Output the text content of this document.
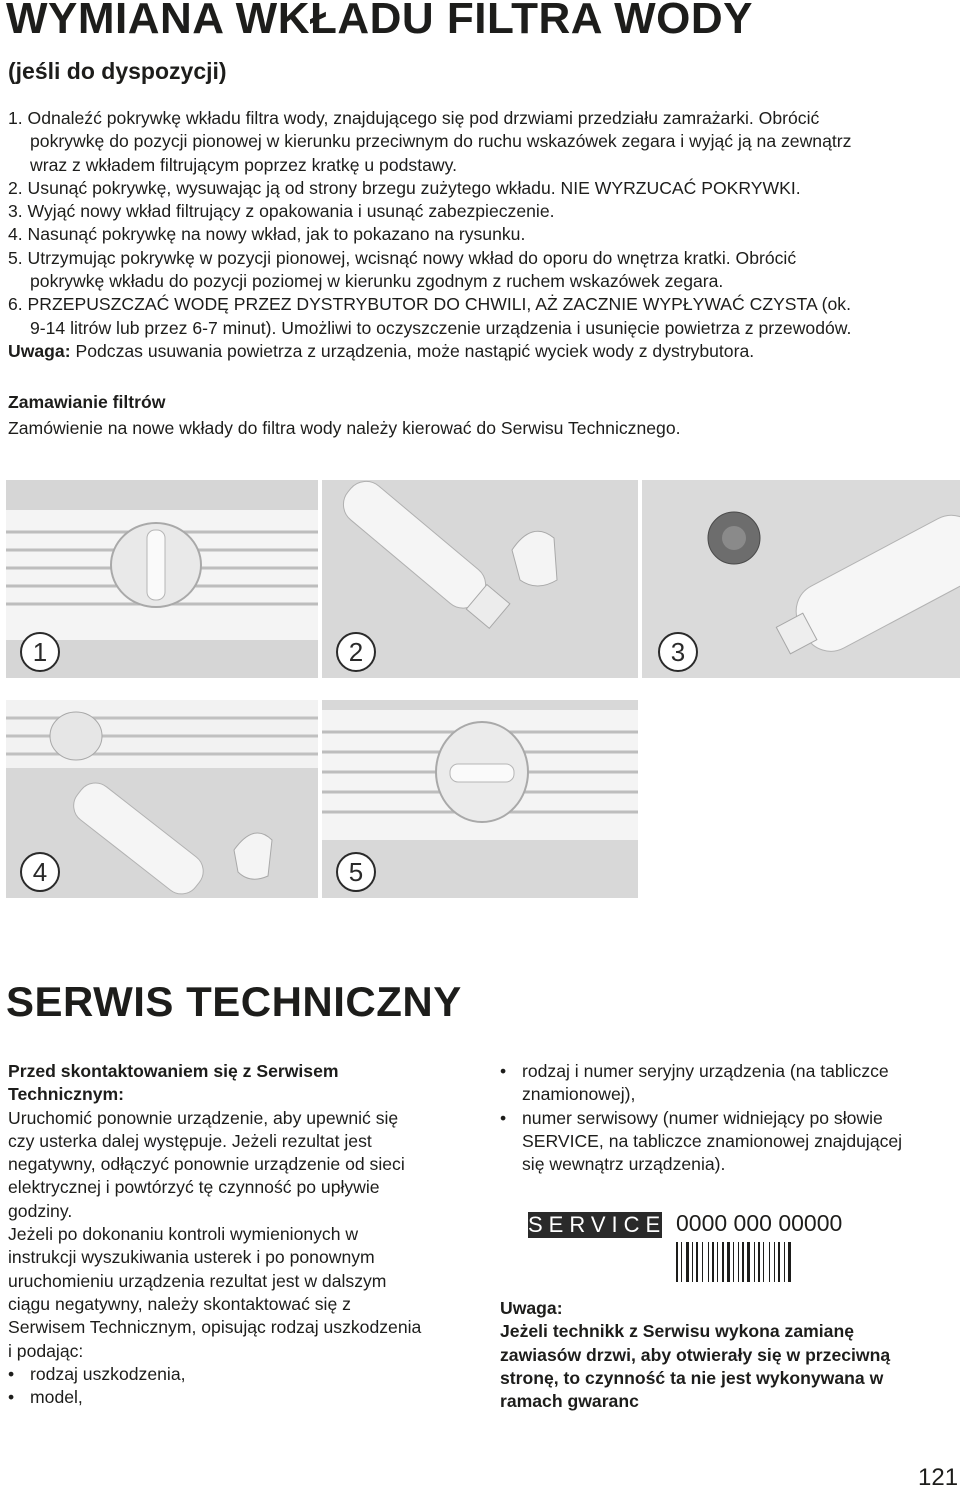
WYMIANA WKŁADU FILTRA WODY
(jeśli do dyspozycji)

1. Odnaleźć pokrywkę wkładu filtra wody, znajdującego się pod drzwiami przedziału zamrażarki. Obrócić

pokrywkę do pozycji pionowej w kierunku przeciwnym do ruchu wskazówek zegara i wyjąć ją na zewnątrz

wraz z wkładem filtrującym poprzez kratkę u podstawy.

2. Usunąć pokrywkę, wysuwając ją od strony brzegu zużytego wkładu. NIE WYRZUCAĆ POKRYWKI.

3. Wyjąć nowy wkład filtrujący z opakowania i usunąć zabezpieczenie.

4. Nasunąć pokrywkę na nowy wkład, jak to pokazano na rysunku.

5. Utrzymując pokrywkę w pozycji pionowej, wcisnąć nowy wkład do oporu do wnętrza kratki. Obrócić

pokrywkę wkładu do pozycji poziomej w kierunku zgodnym z ruchem wskazówek zegara.

6. PRZEPUSZCZAĆ WODĘ PRZEZ DYSTRYBUTOR DO CHWILI, AŻ ZACZNIE WYPŁYWAĆ CZYSTA (ok.

9-14 litrów lub przez 6-7 minut). Umożliwi to oczyszczenie urządzenia i usunięcie powietrza z przewodów.

Uwaga: Podczas usuwania powietrza z urządzenia, może nastąpić wyciek wody z dystrybutora.

Zamawianie filtrów
Zamówienie na nowe wkłady do filtra wody należy kierować do Serwisu Technicznego.
1	2	3
4	5
SERWIS TECHNICZNY

Przed skontaktowaniem się z Serwisem

Technicznym:

Uruchomić ponownie urządzenie, aby upewnić się

czy usterka dalej występuje. Jeżeli rezultat jest

negatywny, odłączyć ponownie urządzenie od sieci

elektrycznej i powtórzyć tę czynność po upływie

godziny.

Jeżeli po dokonaniu kontroli wymienionych w

instrukcji wyszukiwania usterek i po ponownym

uruchomieniu urządzenia rezultat jest w dalszym

ciągu negatywny, należy skontaktować się z

Serwisem Technicznym, opisując rodzaj uszkodzenia

i podając:

• rodzaj uszkodzenia,

• model,

• rodzaj i numer seryjny urządzenia (na tabliczce
znamionowej),
• numer serwisowy (numer widniejący po słowie
SERVICE, na tabliczce znamionowej znajdującej
się wewnątrz urządzenia).
SERVICE 0000 000 00000

Uwaga:

Jeżeli technikk z Serwisu wykona zamianę

zawiasów drzwi, aby otwierały się w przeciwną

stronę, to czynność ta nie jest wykonywana w

ramach gwaranc

121
